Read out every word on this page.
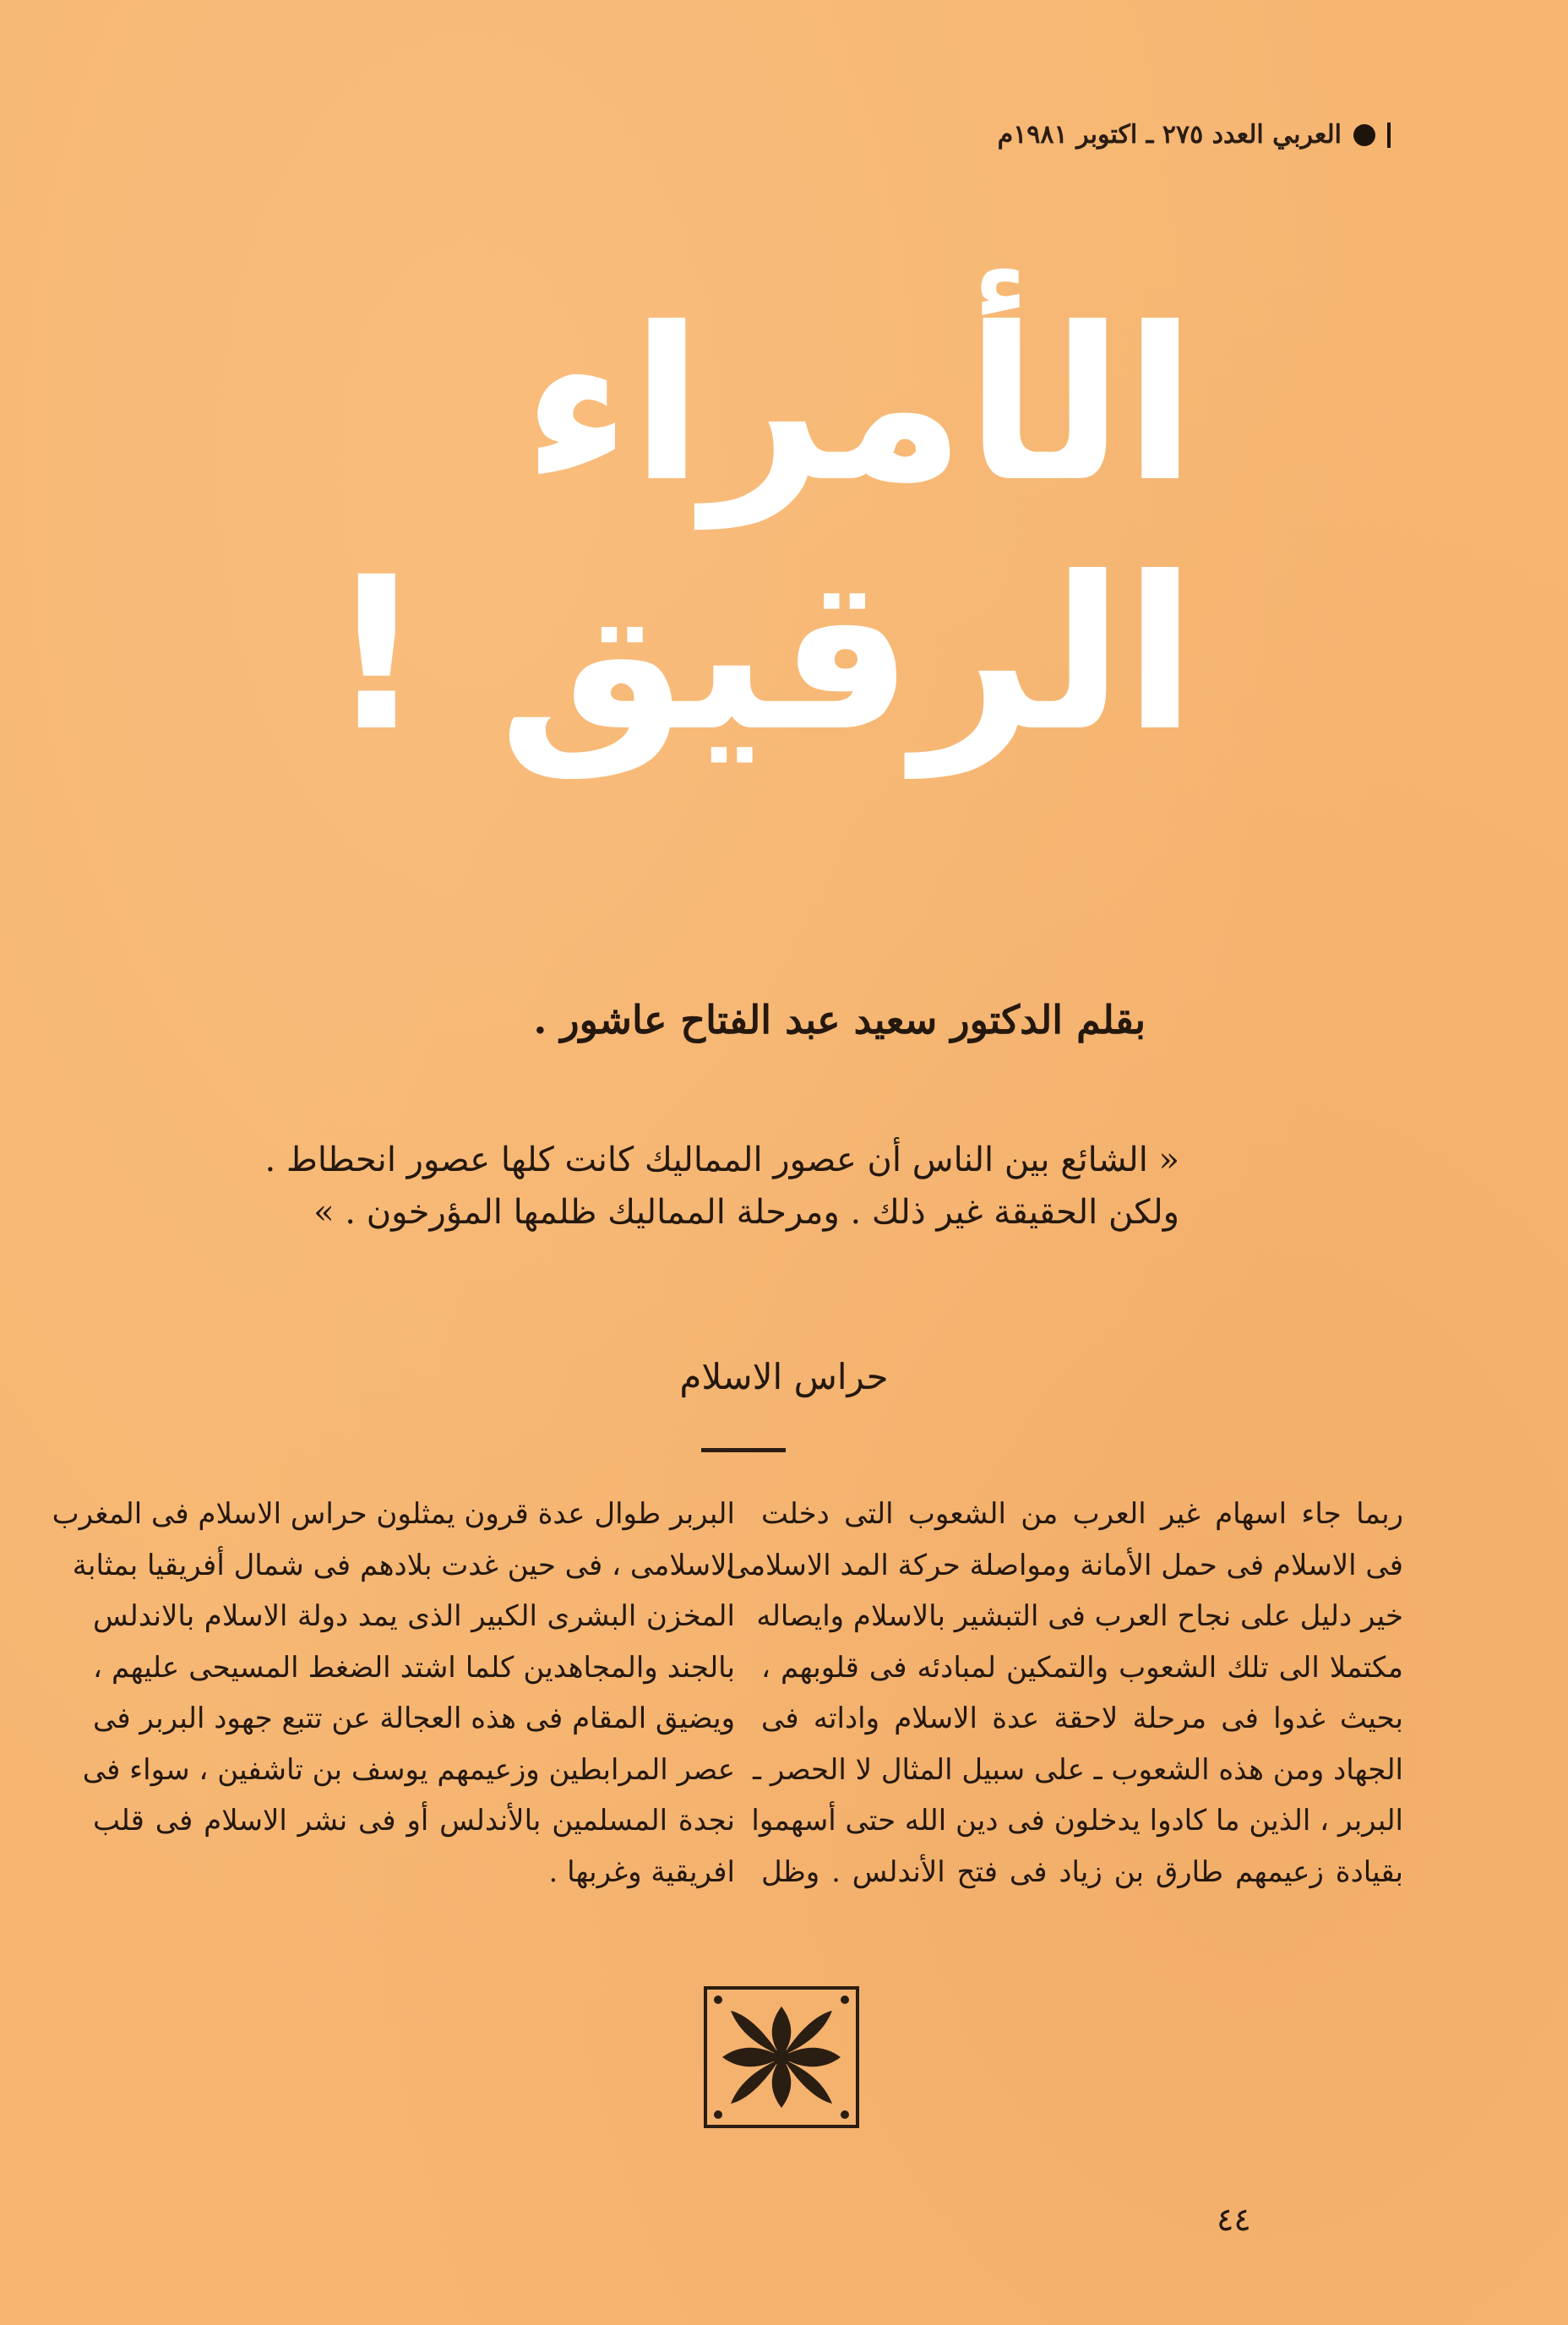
العربي العدد ٢٧٥ ـ اكتوبر ١٩٨١م
الأمراء
الرقيق !
بقلم الدكتور سعيد عبد الفتاح عاشور .
« الشائع بين الناس أن عصور المماليك كانت كلها عصور انحطاط .
ولكن الحقيقة غير ذلك . ومرحلة المماليك ظلمها المؤرخون . »
حراس الاسلام
ربما جاء اسهام غير العرب من الشعوب التى دخلت
فى الاسلام فى حمل الأمانة ومواصلة حركة المد الاسلامى
خير دليل على نجاح العرب فى التبشير بالاسلام وايصاله
مكتملا الى تلك الشعوب والتمكين لمبادئه فى قلوبهم ،
بحيث غدوا فى مرحلة لاحقة عدة الاسلام واداته فى
الجهاد ومن هذه الشعوب ـ على سبيل المثال لا الحصر ـ
البربر ، الذين ما كادوا يدخلون فى دين الله حتى أسهموا
بقيادة زعيمهم طارق بن زياد فى فتح الأندلس . وظل
البربر طوال عدة قرون يمثلون حراس الاسلام فى المغرب
الاسلامى ، فى حين غدت بلادهم فى شمال أفريقيا بمثابة
المخزن البشرى الكبير الذى يمد دولة الاسلام بالاندلس
بالجند والمجاهدين كلما اشتد الضغط المسيحى عليهم ،
ويضيق المقام فى هذه العجالة عن تتبع جهود البربر فى
عصر المرابطين وزعيمهم يوسف بن تاشفين ، سواء فى
نجدة المسلمين بالأندلس أو فى نشر الاسلام فى قلب
افريقية وغربها .
٤٤
